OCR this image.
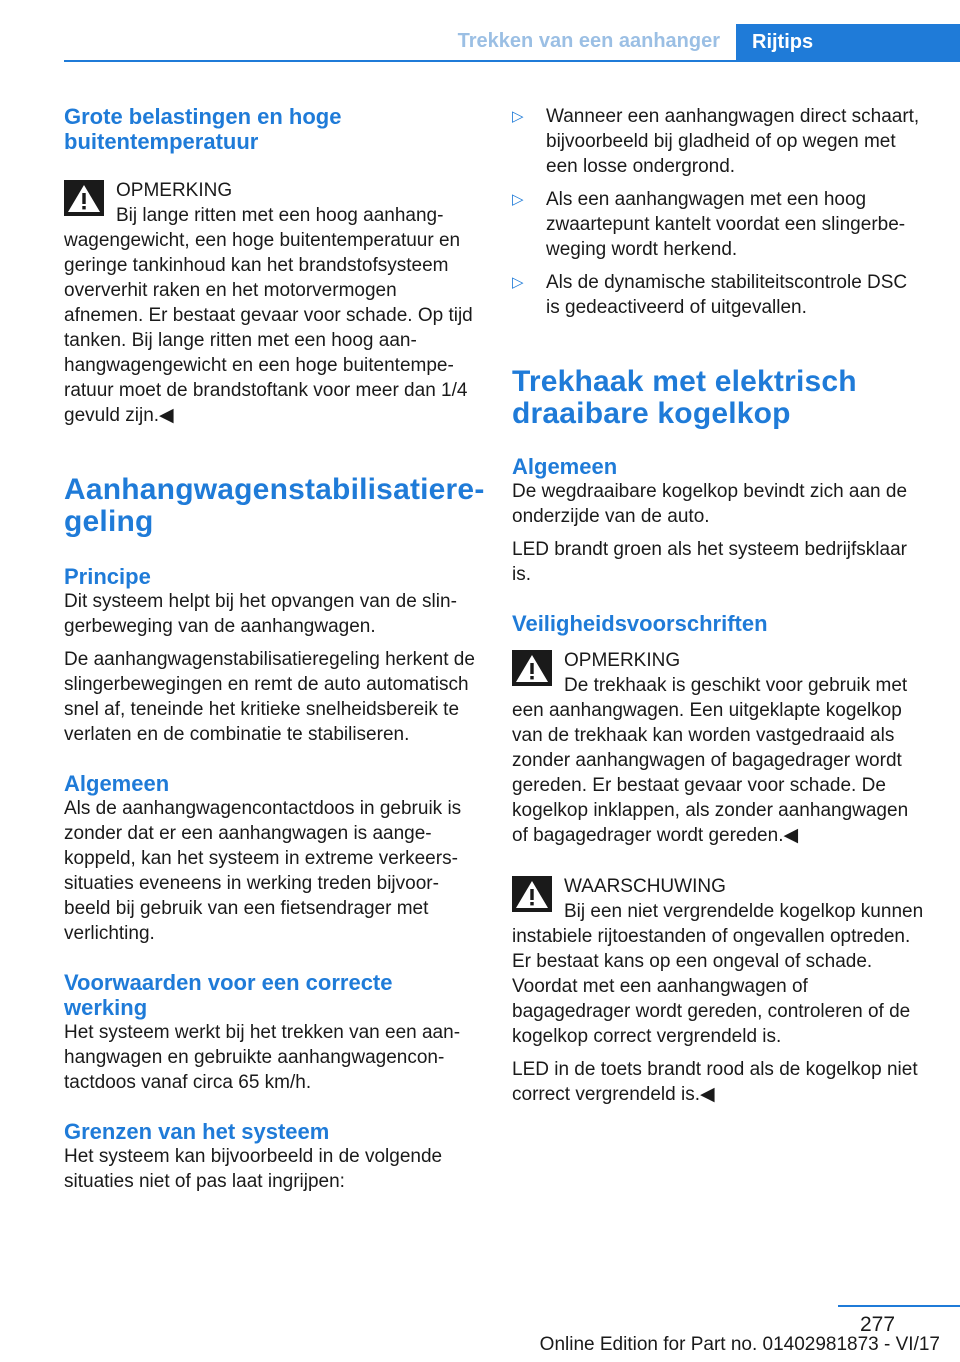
Trekken van een aanhanger	Rijtips
Grote belastingen en hoge buitentemperatuur
OPMERKING
Bij lange ritten met een hoog aanhangwagengewicht, een hoge buitentemperatuur en geringe tankinhoud kan het brandstofsysteem oververhit raken en het motorvermogen afnemen. Er bestaat gevaar voor schade. Op tijd tanken. Bij lange ritten met een hoog aanhangwagengewicht en een hoge buitentemperatuur moet de brandstoftank voor meer dan 1/4 gevuld zijn.◀
Aanhangwagenstabilisatieregeling
Principe

Dit systeem helpt bij het opvangen van de slingerbeweging van de aanhangwagen.

De aanhangwagenstabilisatieregeling herkent de slingerbewegingen en remt de auto automatisch snel af, teneinde het kritieke snelheidsbereik te verlaten en de combinatie te stabiliseren.

Algemeen

Als de aanhangwagencontactdoos in gebruik is zonder dat er een aanhangwagen is aangekoppeld, kan het systeem in extreme verkeerssituaties eveneens in werking treden bijvoorbeeld bij gebruik van een fietsendrager met verlichting.

Voorwaarden voor een correcte werking

Het systeem werkt bij het trekken van een aanhangwagen en gebruikte aanhangwagencontactdoos vanaf circa 65 km/h.

Grenzen van het systeem

Het systeem kan bijvoorbeeld in de volgende situaties niet of pas laat ingrijpen:

▷ Wanneer een aanhangwagen direct schaart, bijvoorbeeld bij gladheid of op wegen met een losse ondergrond.
▷ Als een aanhangwagen met een hoog zwaartepunt kantelt voordat een slingerbeweging wordt herkend.
▷ Als de dynamische stabiliteitscontrole DSC is gedeactiveerd of uitgevallen.
Trekhaak met elektrisch draaibare kogelkop
Algemeen

De wegdraaibare kogelkop bevindt zich aan de onderzijde van de auto.

LED brandt groen als het systeem bedrijfsklaar is.

Veiligheidsvoorschriften
OPMERKING
De trekhaak is geschikt voor gebruik met een aanhangwagen. Een uitgeklapte kogelkop van de trekhaak kan worden vastgedraaid als zonder aanhangwagen of bagagedrager wordt gereden. Er bestaat gevaar voor schade. De kogelkop inklappen, als zonder aanhangwagen of bagagedrager wordt gereden.◀
WAARSCHUWING
Bij een niet vergrendelde kogelkop kunnen instabiele rijtoestanden of ongevallen optreden. Er bestaat kans op een ongeval of schade. Voordat met een aanhangwagen of bagagedrager wordt gereden, controleren of de kogelkop correct vergrendeld is.

LED in de toets brandt rood als de kogelkop niet correct vergrendeld is.◀

277
Online Edition for Part no. 01402981873 - VI/17
